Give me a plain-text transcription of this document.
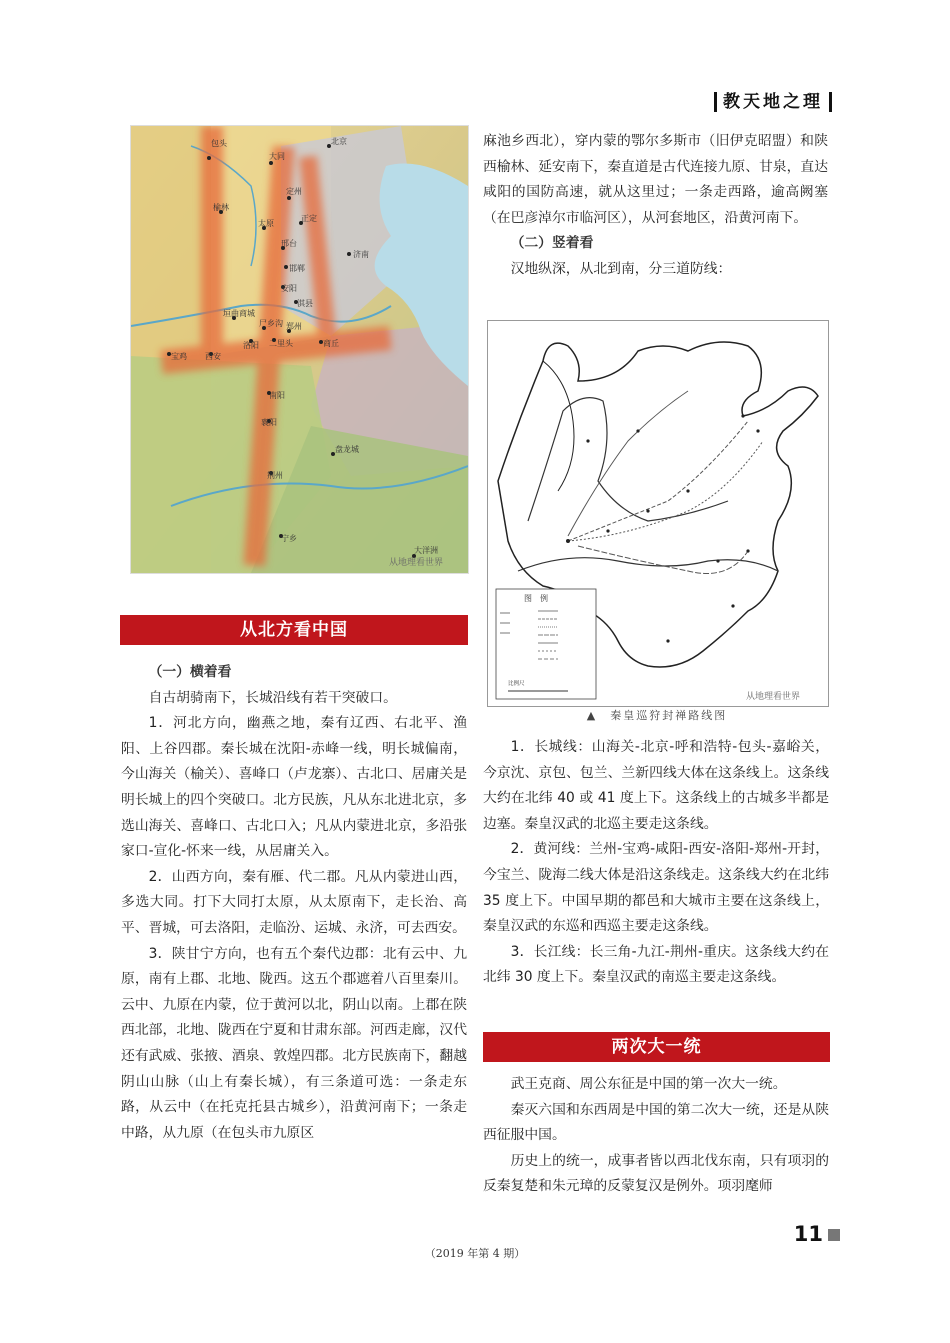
教天地之理
包头	北京
大同
定州
榆林
正定
太原
邢台
济南
邯郸
安阳
淇县
垣曲商城
尸乡沟 郑州
洛阳 二里头	商丘
宝鸡 西安
南阳
襄阳
盘龙城
荆州
宁乡
大洋洲
从地理看世界
从北方看中国

（一）横着看

自古胡骑南下，长城沿线有若干突破口。

1．河北方向，幽燕之地，秦有辽西、右北平、渔阳、上谷四郡。秦长城在沈阳-赤峰一线，明长城偏南，今山海关（榆关）、喜峰口（卢龙寨）、古北口、居庸关是明长城上的四个突破口。北方民族，凡从东北进北京，多选山海关、喜峰口、古北口入；凡从内蒙进北京，多沿张家口-宣化-怀来一线，从居庸关入。

2．山西方向，秦有雁、代二郡。凡从内蒙进山西，多选大同。打下大同打太原，从太原南下，走长治、高平、晋城，可去洛阳，走临汾、运城、永济，可去西安。

3．陕甘宁方向，也有五个秦代边郡：北有云中、九原，南有上郡、北地、陇西。这五个郡遮着八百里秦川。云中、九原在内蒙，位于黄河以北，阴山以南。上郡在陕西北部，北地、陇西在宁夏和甘肃东部。河西走廊，汉代还有武威、张掖、酒泉、敦煌四郡。北方民族南下，翻越阴山山脉（山上有秦长城），有三条道可选：一条走东路，从云中（在托克托县古城乡），沿黄河南下；一条走中路，从九原（在包头市九原区

麻池乡西北），穿内蒙的鄂尔多斯市（旧伊克昭盟）和陕西榆林、延安南下，秦直道是古代连接九原、甘泉，直达咸阳的国防高速，就从这里过；一条走西路，逾高阙塞（在巴彦淖尔市临河区），从河套地区，沿黄河南下。

（二）竖着看

汉地纵深，从北到南，分三道防线：

图　例
比例尺
从地理看世界
▲　秦皇巡狩封禅路线图

1．长城线：山海关-北京-呼和浩特-包头-嘉峪关，今京沈、京包、包兰、兰新四线大体在这条线上。这条线大约在北纬 40 或 41 度上下。这条线上的古城多半都是边塞。秦皇汉武的北巡主要走这条线。

2．黄河线：兰州-宝鸡-咸阳-西安-洛阳-郑州-开封，今宝兰、陇海二线大体是沿这条线走。这条线大约在北纬 35 度上下。中国早期的都邑和大城市主要在这条线上，秦皇汉武的东巡和西巡主要走这条线。

3．长江线：长三角-九江-荆州-重庆。这条线大约在北纬 30 度上下。秦皇汉武的南巡主要走这条线。

两次大一统

武王克商、周公东征是中国的第一次大一统。

秦灭六国和东西周是中国的第二次大一统，还是从陕西征服中国。

历史上的统一，成事者皆以西北伐东南，只有项羽的反秦复楚和朱元璋的反蒙复汉是例外。项羽麾师

11
（2019 年第 4 期）
